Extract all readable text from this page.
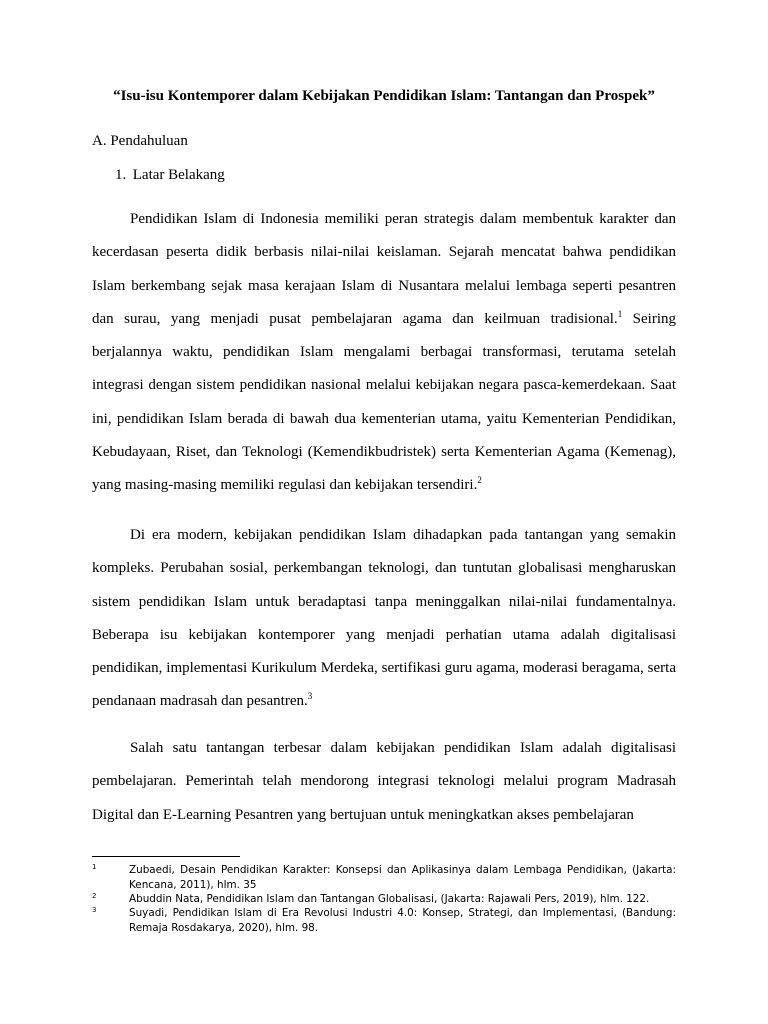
“Isu-isu Kontemporer dalam Kebijakan Pendidikan Islam: Tantangan dan Prospek”

A. Pendahuluan

1. Latar Belakang

Pendidikan Islam di Indonesia memiliki peran strategis dalam membentuk karakter dan kecerdasan peserta didik berbasis nilai-nilai keislaman. Sejarah mencatat bahwa pendidikan Islam berkembang sejak masa kerajaan Islam di Nusantara melalui lembaga seperti pesantren dan surau, yang menjadi pusat pembelajaran agama dan keilmuan tradisional.$^1$ Seiring berjalannya waktu, pendidikan Islam mengalami berbagai transformasi, terutama setelah integrasi dengan sistem pendidikan nasional melalui kebijakan negara pasca-kemerdekaan. Saat ini, pendidikan Islam berada di bawah dua kementerian utama, yaitu Kementerian Pendidikan, Kebudayaan, Riset, dan Teknologi (Kemendikbudristek) serta Kementerian Agama (Kemenag), yang masing-masing memiliki regulasi dan kebijakan tersendiri.$^2$

Di era modern, kebijakan pendidikan Islam dihadapkan pada tantangan yang semakin kompleks. Perubahan sosial, perkembangan teknologi, dan tuntutan globalisasi mengharuskan sistem pendidikan Islam untuk beradaptasi tanpa meninggalkan nilai-nilai fundamentalnya. Beberapa isu kebijakan kontemporer yang menjadi perhatian utama adalah digitalisasi pendidikan, implementasi Kurikulum Merdeka, sertifikasi guru agama, moderasi beragama, serta pendanaan madrasah dan pesantren.$^3$

Salah satu tantangan terbesar dalam kebijakan pendidikan Islam adalah digitalisasi pembelajaran. Pemerintah telah mendorong integrasi teknologi melalui program Madrasah Digital dan E-Learning Pesantren yang bertujuan untuk meningkatkan akses pembelajaran

1	Zubaedi, Desain Pendidikan Karakter: Konsepsi dan Aplikasinya dalam Lembaga Pendidikan, (Jakarta: Kencana, 2011), hlm. 35

2	Abuddin Nata, Pendidikan Islam dan Tantangan Globalisasi, (Jakarta: Rajawali Pers, 2019), hlm. 122.

3	Suyadi, Pendidikan Islam di Era Revolusi Industri 4.0: Konsep, Strategi, dan Implementasi, (Bandung: Remaja Rosdakarya, 2020), hlm. 98.
